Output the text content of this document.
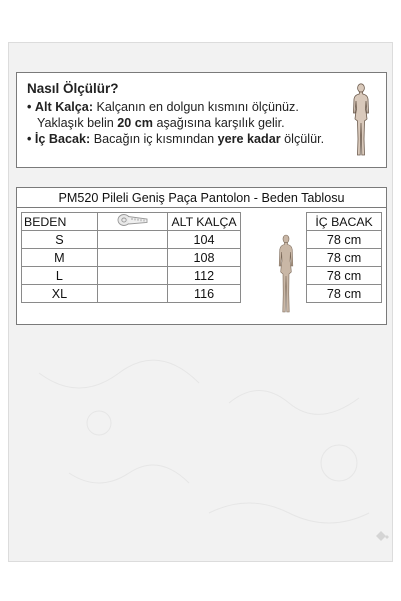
Nasıl Ölçülür?
• Alt Kalça: Kalçanın en dolgun kısmını ölçünüz.
Yaklaşık belin 20 cm aşağısına karşılık gelir.
• İç Bacak: Bacağın iç kısmından yere kadar ölçülür.
PM520 Pileli Geniş Paça Pantolon - Beden Tablosu
BEDEN		ALT KALÇA		İÇ BACAK
S		104		78 cm
M		108		78 cm
L		112		78 cm
XL		116		78 cm
